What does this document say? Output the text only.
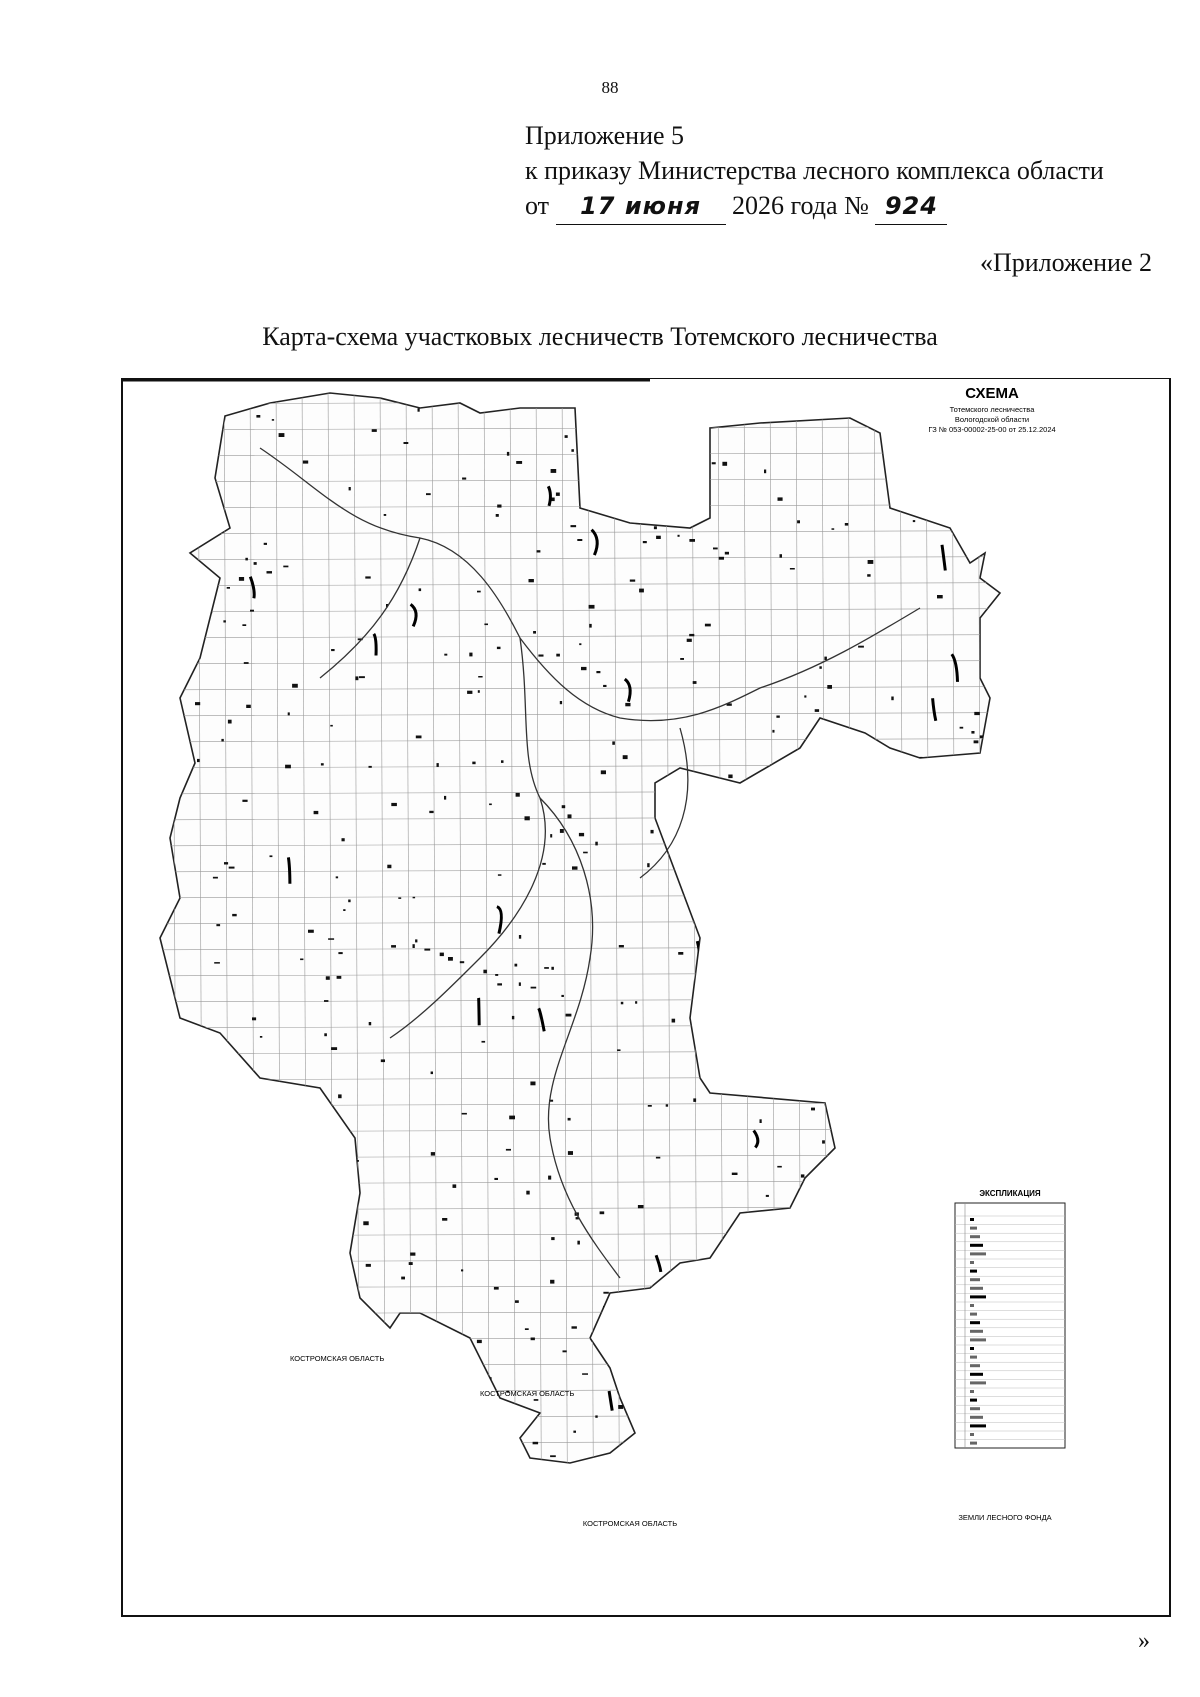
88
Приложение 5
к приказу Министерства лесного комплекса области
от 17 июня 2026 года № 924
«Приложение 2
Карта-схема участковых лесничеств Тотемского лесничества
СХЕМА
Тотемского лесничества
Вологодской области
ГЗ № 053-00002-25-00 от 25.12.2024
ЭКСПЛИКАЦИЯ
КОСТРОМСКАЯ ОБЛАСТЬ
КОСТРОМСКАЯ ОБЛАСТЬ
КОСТРОМСКАЯ ОБЛАСТЬ
ЗЕМЛИ ЛЕСНОГО ФОНДА
»
